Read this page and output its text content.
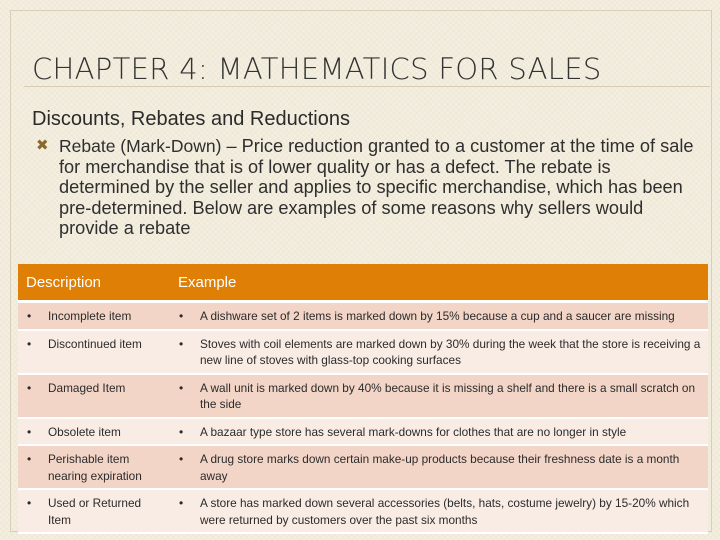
CHAPTER 4: MATHEMATICS FOR SALES
Discounts, Rebates and Reductions
✖ Rebate (Mark-Down) – Price reduction granted to a customer at the time of sale for merchandise that is of lower quality or has a defect. The rebate is determined by the seller and applies to specific merchandise, which has been pre-determined. Below are examples of some reasons why sellers would provide a rebate
Description	Example

• Incomplete item	• A dishware set of 2 items is marked down by 15% because a cup and a saucer are missing

• Discontinued item	• Stoves with coil elements are marked down by 30% during the week that the store is receiving a new line of stoves with glass-top cooking surfaces

• Damaged Item	• A wall unit is marked down by 40% because it is missing a shelf and there is a small scratch on the side

• Obsolete item	• A bazaar type store has several mark-downs for clothes that are no longer in style

• Perishable item nearing expiration	• A drug store marks down certain make-up products because their freshness date is a month away

• Used or Returned Item	• A store has marked down several accessories (belts, hats, costume jewelry) by 15-20% which were returned by customers over the past six months
